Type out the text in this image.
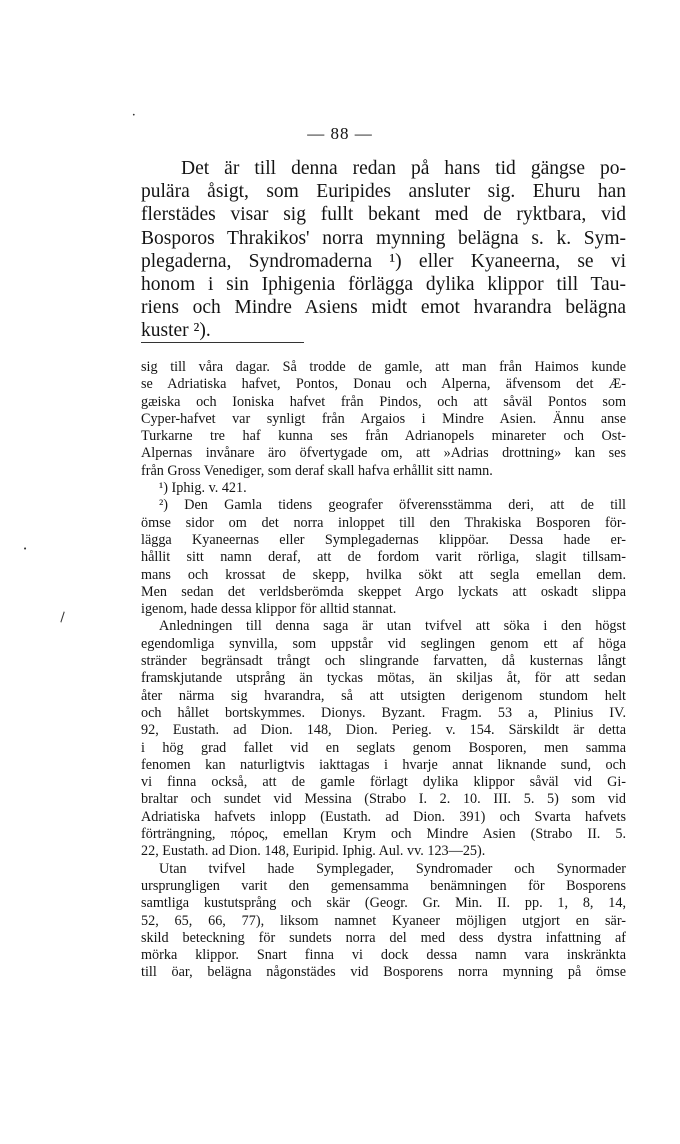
— 88 —
Det är till denna redan på hans tid gängse po-
pulära åsigt, som Euripides ansluter sig. Ehuru han
flerstädes visar sig fullt bekant med de ryktbara, vid
Bosporos Thrakikos' norra mynning belägna s. k. Sym-
plegaderna, Syndromaderna ¹) eller Kyaneerna, se vi
honom i sin Iphigenia förlägga dylika klippor till Tau-
riens och Mindre Asiens midt emot hvarandra belägna
kuster ²).
sig till våra dagar. Så trodde de gamle, att man från Haimos kunde
se Adriatiska hafvet, Pontos, Donau och Alperna, äfvensom det Æ-
gæiska och Ioniska hafvet från Pindos, och att såväl Pontos som
Cyper-hafvet var synligt från Argaios i Mindre Asien. Ännu anse
Turkarne tre haf kunna ses från Adrianopels minareter och Ost-
Alpernas invånare äro öfvertygade om, att »Adrias drottning» kan ses
från Gross Venediger, som deraf skall hafva erhållit sitt namn.
¹) Iphig. v. 421.
²) Den Gamla tidens geografer öfverensstämma deri, att de till
ömse sidor om det norra inloppet till den Thrakiska Bosporen för-
lägga Kyaneernas eller Symplegadernas klippöar. Dessa hade er-
hållit sitt namn deraf, att de fordom varit rörliga, slagit tillsam-
mans och krossat de skepp, hvilka sökt att segla emellan dem.
Men sedan det verldsberömda skeppet Argo lyckats att oskadt slippa
igenom, hade dessa klippor för alltid stannat.
Anledningen till denna saga är utan tvifvel att söka i den högst
egendomliga synvilla, som uppstår vid seglingen genom ett af höga
stränder begränsadt trångt och slingrande farvatten, då kusternas långt
framskjutande utsprång än tyckas mötas, än skiljas åt, för att sedan
åter närma sig hvarandra, så att utsigten derigenom stundom helt
och hållet bortskymmes. Dionys. Byzant. Fragm. 53 a, Plinius IV.
92, Eustath. ad Dion. 148, Dion. Perieg. v. 154. Särskildt är detta
i hög grad fallet vid en seglats genom Bosporen, men samma
fenomen kan naturligtvis iakttagas i hvarje annat liknande sund, och
vi finna också, att de gamle förlagt dylika klippor såväl vid Gi-
braltar och sundet vid Messina (Strabo I. 2. 10. III. 5. 5) som vid
Adriatiska hafvets inlopp (Eustath. ad Dion. 391) och Svarta hafvets
förträngning, πόρος, emellan Krym och Mindre Asien (Strabo II. 5.
22, Eustath. ad Dion. 148, Euripid. Iphig. Aul. vv. 123—25).
Utan tvifvel hade Symplegader, Syndromader och Synormader
ursprungligen varit den gemensamma benämningen för Bosporens
samtliga kustutsprång och skär (Geogr. Gr. Min. II. pp. 1, 8, 14,
52, 65, 66, 77), liksom namnet Kyaneer möjligen utgjort en sär-
skild beteckning för sundets norra del med dess dystra infattning af
mörka klippor. Snart finna vi dock dessa namn vara inskränkta
till öar, belägna någonstädes vid Bosporens norra mynning på ömse
•
•
\
